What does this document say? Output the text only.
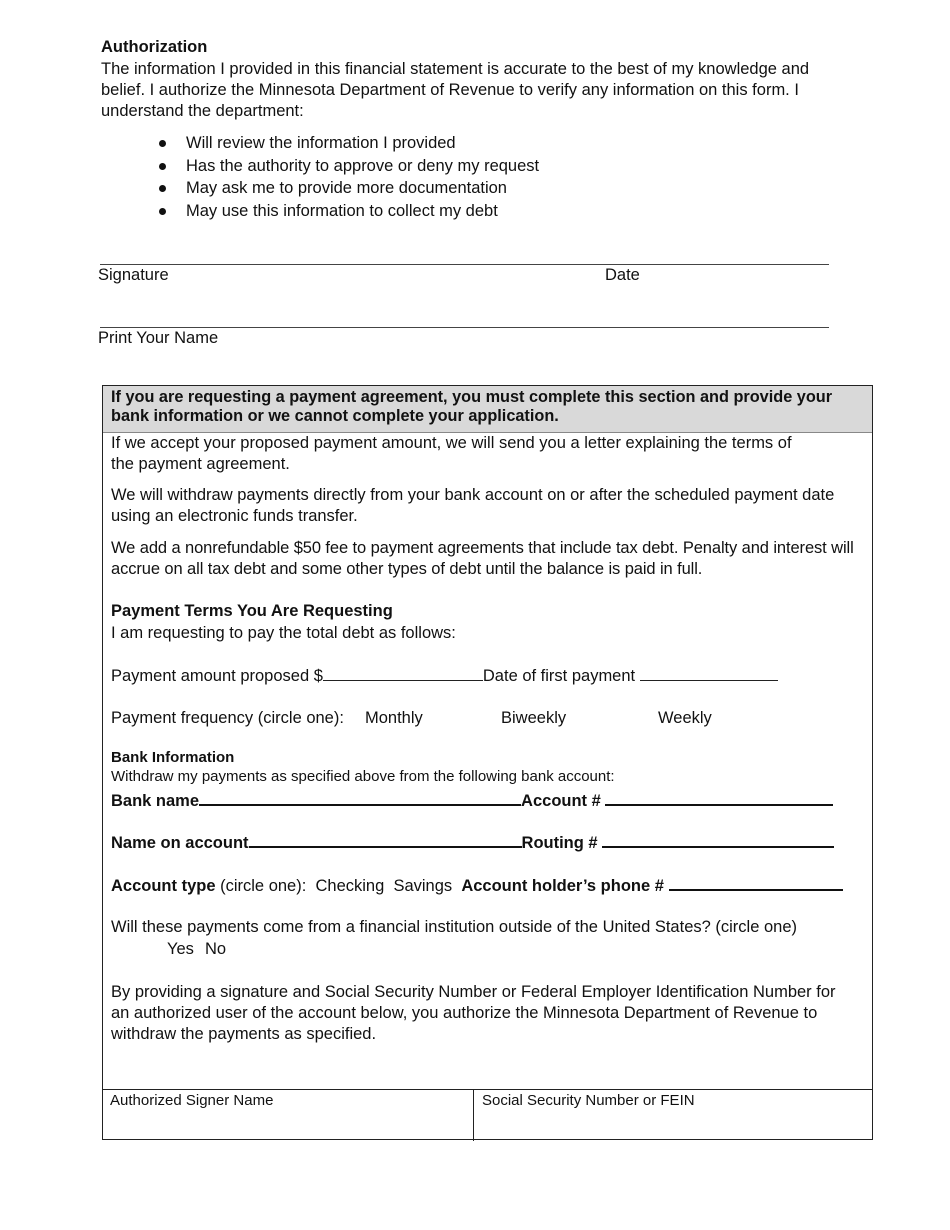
Authorization
The information I provided in this financial statement is accurate to the best of my knowledge and belief. I authorize the Minnesota Department of Revenue to verify any information on this form. I understand the department:
Will review the information I provided
Has the authority to approve or deny my request
May ask me to provide more documentation
May use this information to collect my debt
Signature	Date
Print Your Name
If you are requesting a payment agreement, you must complete this section and provide your bank information or we cannot complete your application.
If we accept your proposed payment amount, we will send you a letter explaining the terms of the payment agreement.
We will withdraw payments directly from your bank account on or after the scheduled payment date using an electronic funds transfer.
We add a nonrefundable $50 fee to payment agreements that include tax debt. Penalty and interest will accrue on all tax debt and some other types of debt until the balance is paid in full.
Payment Terms You Are Requesting
I am requesting to pay the total debt as follows:
Payment amount proposed $	Date of first payment
Payment frequency (circle one): Monthly	Biweekly	Weekly
Bank Information
Withdraw my payments as specified above from the following bank account:
Bank name	Account #
Name on account	Routing #
Account type (circle one): Checking Savings Account holder’s phone #
Will these payments come from a financial institution outside of the United States? (circle one)
Yes No
By providing a signature and Social Security Number or Federal Employer Identification Number for an authorized user of the account below, you authorize the Minnesota Department of Revenue to withdraw the payments as specified.
Authorized Signer Name	Social Security Number or FEIN
